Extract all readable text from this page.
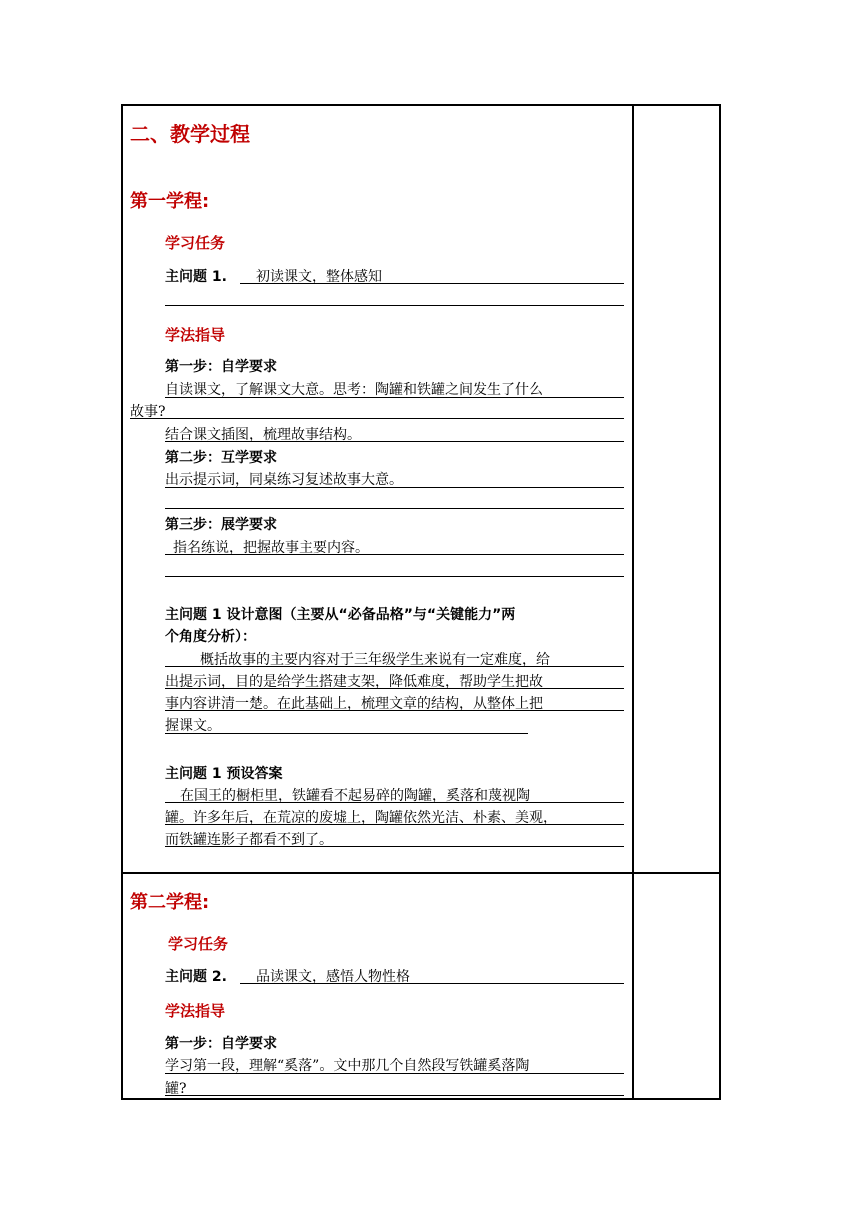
二、教学过程
第一学程:
学习任务
主问题 1. 初读课文，整体感知
学法指导
第一步：自学要求
自读课文，了解课文大意。思考：陶罐和铁罐之间发生了什么
故事?
结合课文插图，梳理故事结构。
第二步：互学要求
出示提示词，同桌练习复述故事大意。
第三步：展学要求
指名练说，把握故事主要内容。
主问题 1 设计意图（主要从“必备品格”与“关键能力”两
个角度分析）：
概括故事的主要内容对于三年级学生来说有一定难度，给
出提示词，目的是给学生搭建支架，降低难度，帮助学生把故
事内容讲清一楚。在此基础上，梳理文章的结构，从整体上把
握课文。
主问题 1 预设答案
在国王的橱柜里，铁罐看不起易碎的陶罐，奚落和蔑视陶
罐。许多年后，在荒凉的废墟上，陶罐依然光洁、朴素、美观，
而铁罐连影子都看不到了。
第二学程:
学习任务
主问题 2. 品读课文，感悟人物性格
学法指导
第一步：自学要求
学习第一段，理解“奚落”。文中那几个自然段写铁罐奚落陶
罐?
